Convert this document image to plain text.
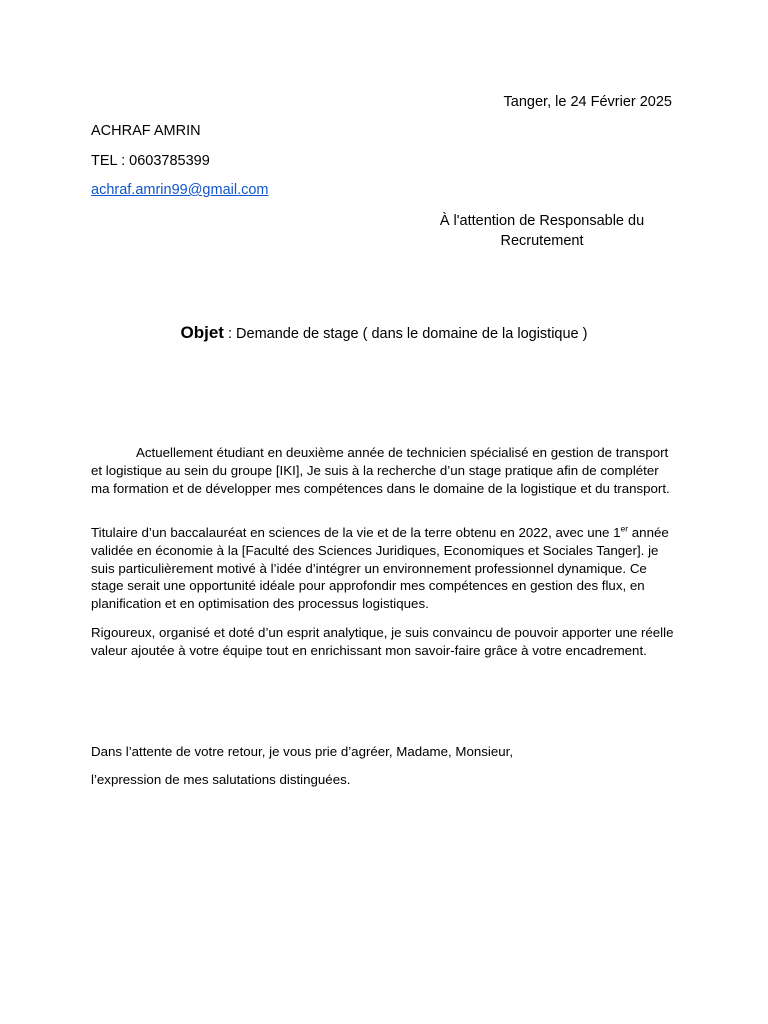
Tanger, le 24 Février 2025
ACHRAF AMRIN
TEL : 0603785399
achraf.amrin99@gmail.com
À l'attention de Responsable du
Recrutement
Objet : Demande de stage ( dans le domaine de la logistique )

Actuellement étudiant en deuxième année de technicien spécialisé en gestion de transport et logistique au sein du groupe [IKI], Je suis à la recherche d’un stage pratique afin de compléter ma formation et de développer mes compétences dans le domaine de la logistique et du transport.

Titulaire d’un baccalauréat en sciences de la vie et de la terre obtenu en 2022, avec une 1er année validée en économie à la [Faculté des Sciences Juridiques, Economiques et Sociales Tanger]. je suis particulièrement motivé à l’idée d’intégrer un environnement professionnel dynamique. Ce stage serait une opportunité idéale pour approfondir mes compétences en gestion des flux, en planification et en optimisation des processus logistiques.

Rigoureux, organisé et doté d’un esprit analytique, je suis convaincu de pouvoir apporter une réelle valeur ajoutée à votre équipe tout en enrichissant mon savoir-faire grâce à votre encadrement.

Dans l’attente de votre retour, je vous prie d’agréer, Madame, Monsieur,
l’expression de mes salutations distinguées.
